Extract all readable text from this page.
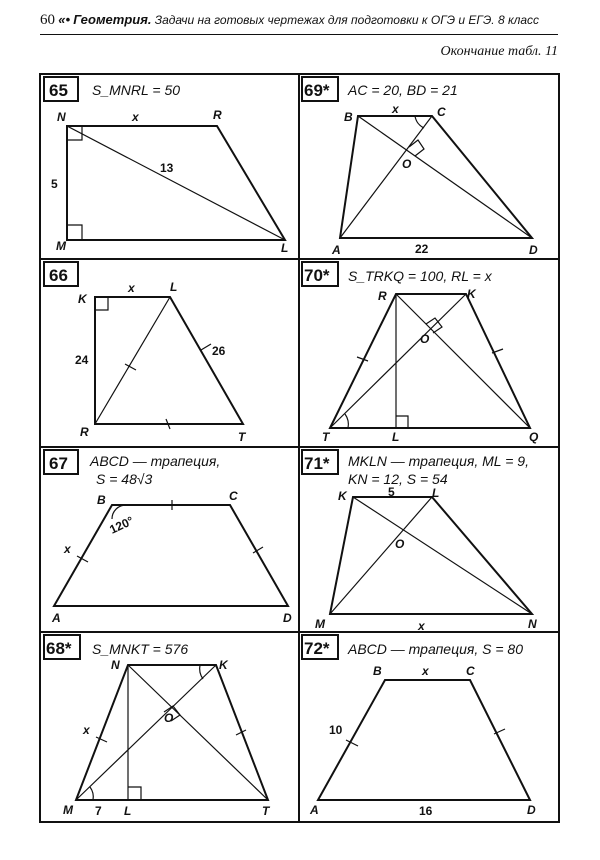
60 «• Геометрия. Задачи на готовых чертежах для подготовки к ОГЭ и ЕГЭ. 8 класс
Окончание табл. 11
65	69*
66	70*
67	71*
68*	72*
S_MNRL = 50	AC = 20, BD = 21
S_TRKQ = 100, RL = x
ABCD — трапеция,
S = 48√3
MKLN — трапеция, ML = 9,
KN = 12, S = 54
S_MNKT = 576	ABCD — трапеция, S = 80
N	R
M	L
x
13
5
B	C
O
A	D
x
22
K
L
R	T
x
24
26
R	K
O
T	L	Q
B	C
A	D
120°
x
K	L
O
M	N
5
x
N	K
O
M	L	T
x
7
B	C
A	D
x
10
16
